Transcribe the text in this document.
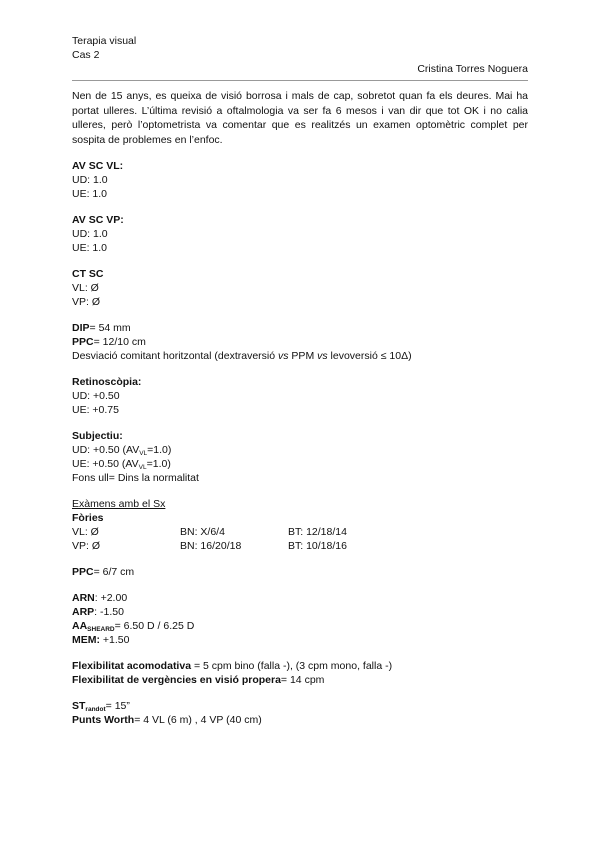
Terapia visual
Cas 2
Cristina Torres Noguera
Nen de 15 anys, es queixa de visió borrosa i mals de cap, sobretot quan fa els deures. Mai ha portat ulleres. L’última revisió a oftalmologia va ser fa 6 mesos i van dir que tot OK i no calia ulleres, però l’optometrista va comentar que es realitzés un examen optomètric complet per sospita de problemes en l’enfoc.
AV SC VL:
UD: 1.0
UE: 1.0
AV SC VP:
UD: 1.0
UE: 1.0
CT SC
VL: Ø
VP: Ø
DIP= 54 mm
PPC= 12/10 cm
Desviació comitant horitzontal (dextraversió vs PPM vs levoversió ≤ 10Δ)
Retinoscòpia:
UD: +0.50
UE: +0.75
Subjectiu:
UD: +0.50 $(AV_{VL}=1.0)$
UE: +0.50 $(AV_{VL}=1.0)$
Fons ull= Dins la normalitat
Exàmens amb el Sx
Fòries
VL: Ø	BN: X/6/4	BT: 12/18/14
VP: Ø	BN: 16/20/18	BT: 10/18/16
PPC= 6/7 cm
ARN: +2.00
ARP: -1.50
$AA_{SHEARD}= 6.50$ D / 6.25 D
MEM: +1.50
Flexibilitat acomodativa = 5 cpm bino (falla -), (3 cpm mono, falla -)
Flexibilitat de vergències en visió propera= 14 cpm
$ST_{randot}= 15$”
Punts Worth= 4 VL (6 m) , 4 VP (40 cm)
